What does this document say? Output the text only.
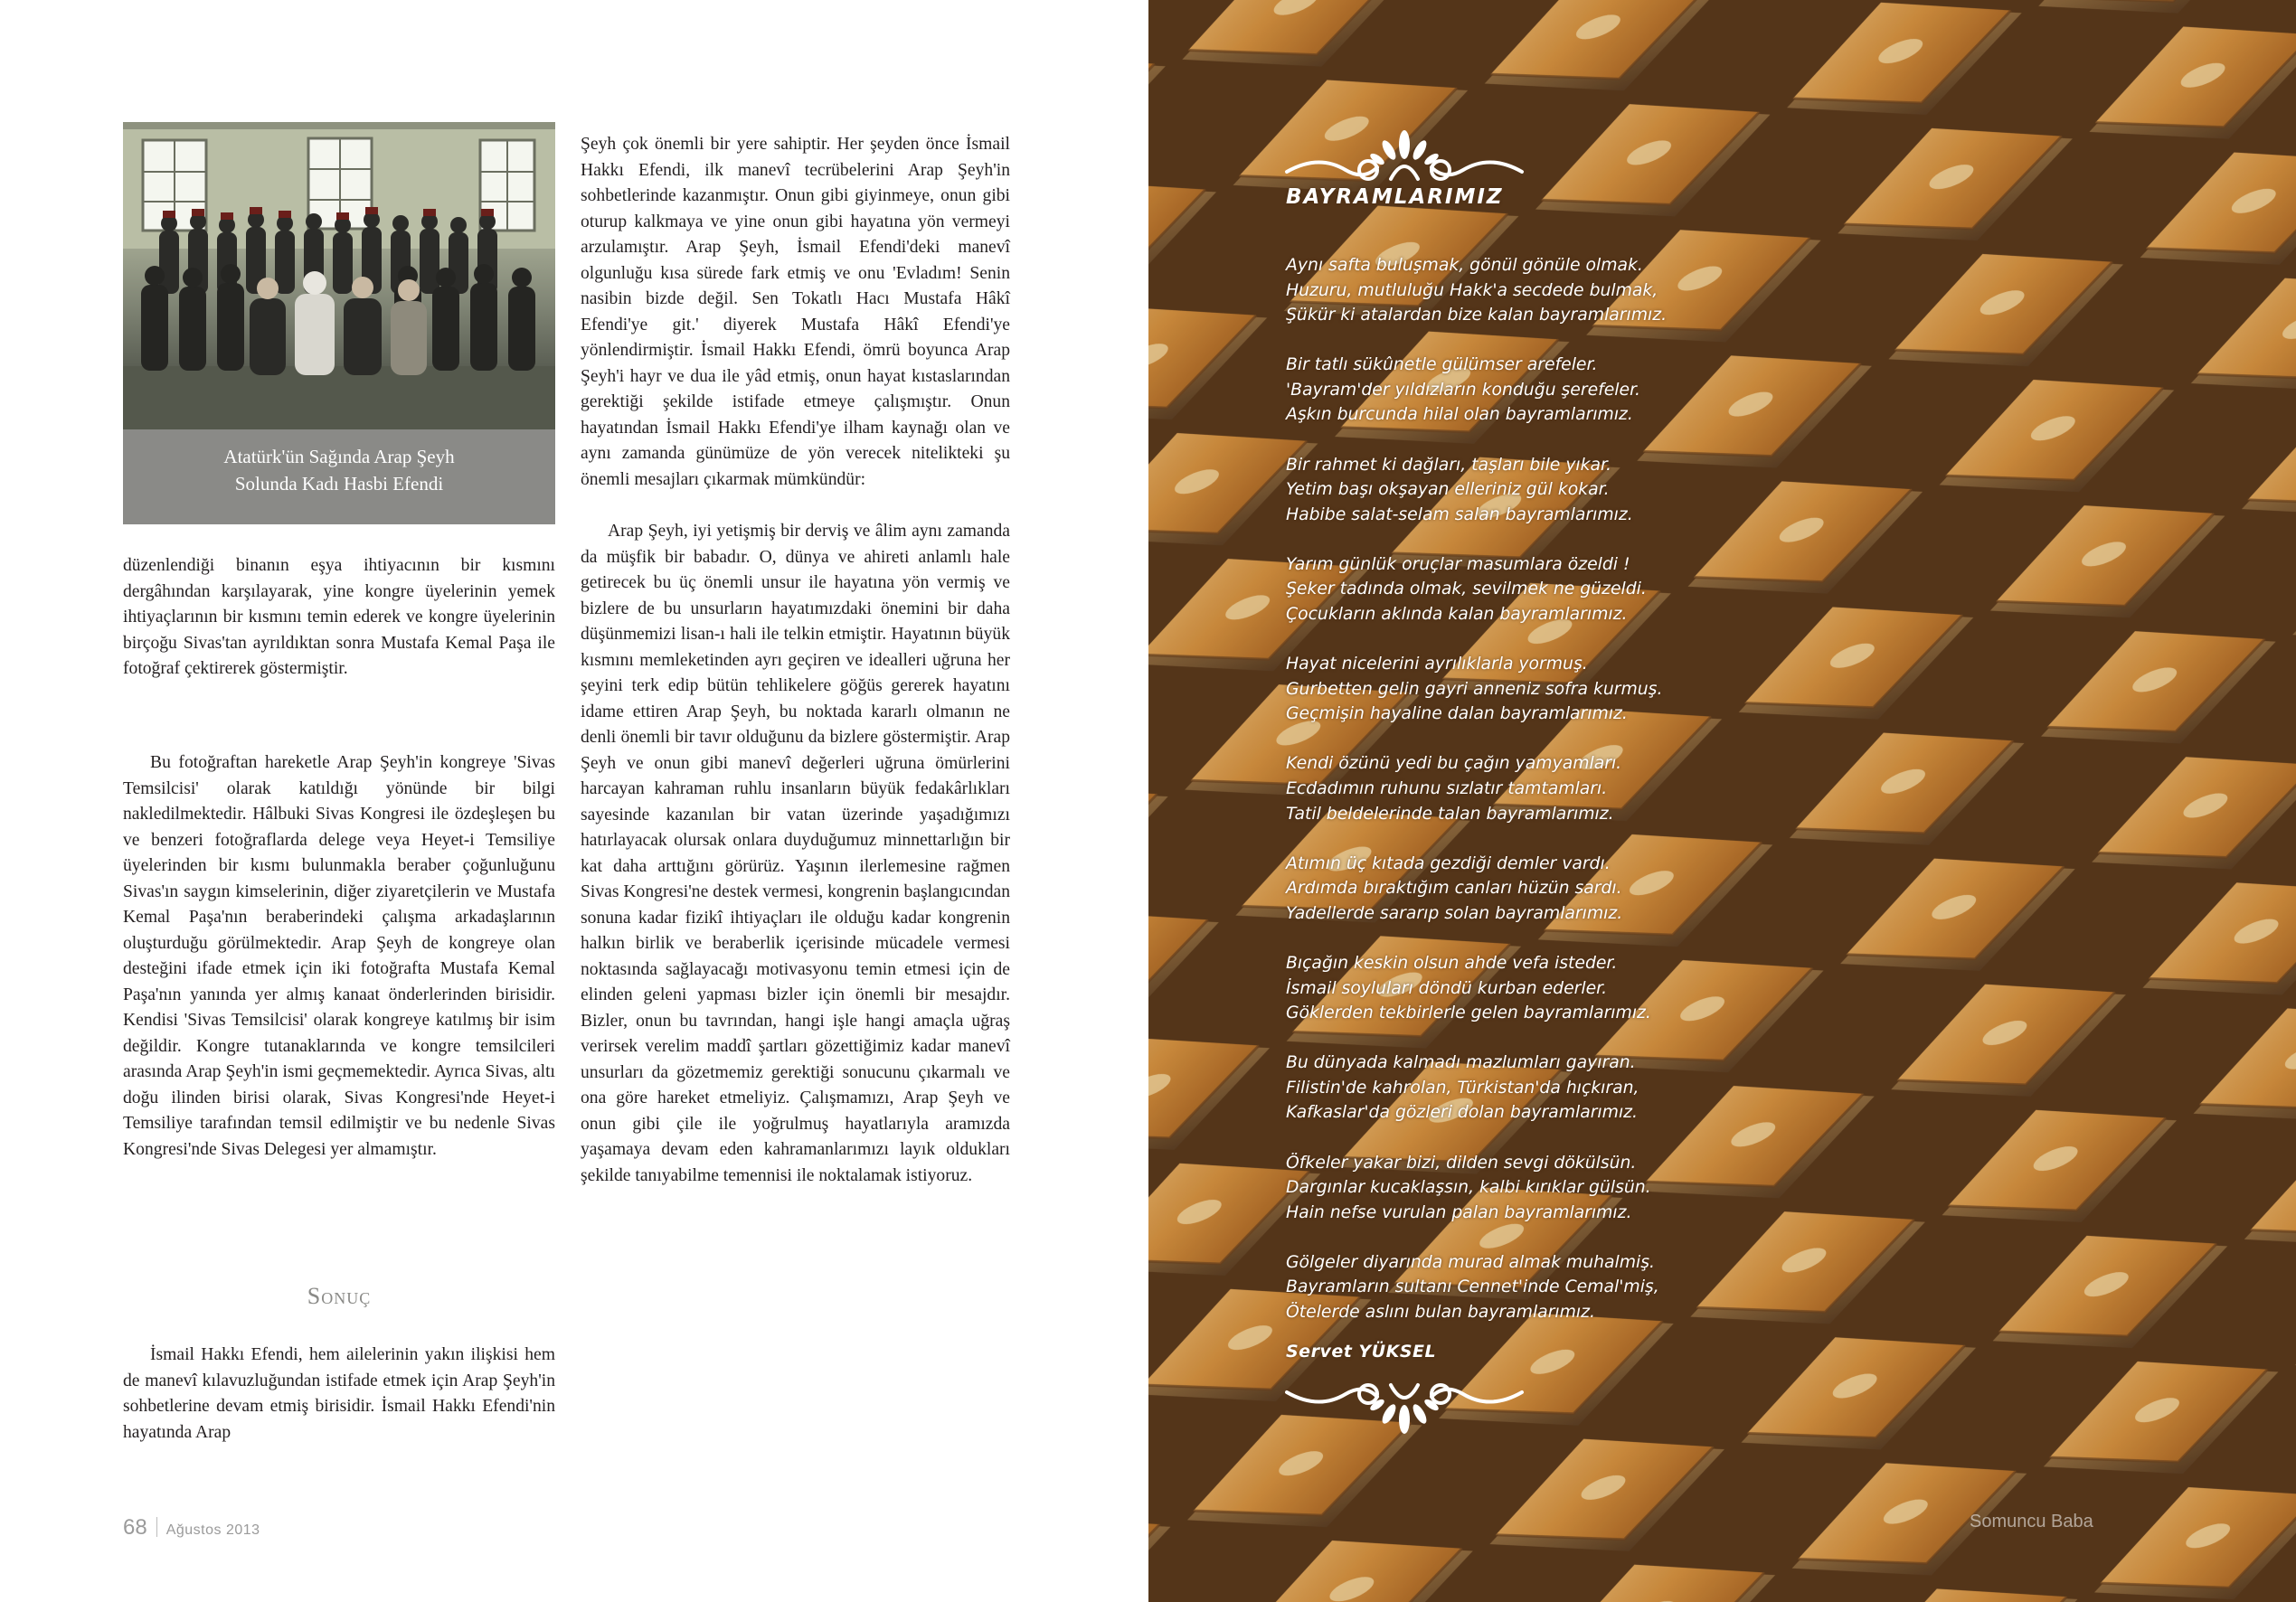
Atatürk'ün Sağında Arap Şeyh
Solunda Kadı Hasbi Efendi

düzenlendiği binanın eşya ihtiyacının bir kısmını dergâhından karşılayarak, yine kongre üyelerinin yemek ihtiyaçlarının bir kısmını temin ederek ve kongre üyelerinin birçoğu Sivas'tan ayrıldıktan sonra Mustafa Kemal Paşa ile fotoğraf çektirerek göstermiştir.

Bu fotoğraftan hareketle Arap Şeyh'in kongreye 'Sivas Temsilcisi' olarak katıldığı yönünde bir bilgi nakledilmektedir. Hâlbuki Sivas Kongresi ile özdeşleşen bu ve benzeri fotoğraflarda delege veya Heyet-i Temsiliye üyelerinden bir kısmı bulunmakla beraber çoğunluğunu Sivas'ın saygın kimselerinin, diğer ziyaretçilerin ve Mustafa Kemal Paşa'nın beraberindeki çalışma arkadaşlarının oluşturduğu görülmektedir. Arap Şeyh de kongreye olan desteğini ifade etmek için iki fotoğrafta Mustafa Kemal Paşa'nın yanında yer almış kanaat önderlerinden birisidir. Kendisi 'Sivas Temsilcisi' olarak kongreye katılmış bir isim değildir. Kongre tutanaklarında ve kongre temsilcileri arasında Arap Şeyh'in ismi geçmemektedir. Ayrıca Sivas, altı doğu ilinden birisi olarak, Sivas Kongresi'nde Heyet-i Temsiliye tarafından temsil edilmiştir ve bu nedenle Sivas Kongresi'nde Sivas Delegesi yer almamıştır.

Sonuç

İsmail Hakkı Efendi, hem ailelerinin yakın ilişkisi hem de manevî kılavuzluğundan istifade etmek için Arap Şeyh'in sohbetlerine devam etmiş birisidir. İsmail Hakkı Efendi'nin hayatında Arap

Şeyh çok önemli bir yere sahiptir. Her şeyden önce İsmail Hakkı Efendi, ilk manevî tecrübelerini Arap Şeyh'in sohbetlerinde kazanmıştır. Onun gibi giyinmeye, onun gibi oturup kalkmaya ve yine onun gibi hayatına yön vermeyi arzulamıştır. Arap Şeyh, İsmail Efendi'deki manevî olgunluğu kısa sürede fark etmiş ve onu 'Evladım! Senin nasibin bizde değil. Sen Tokatlı Hacı Mustafa Hâkî Efendi'ye git.' diyerek Mustafa Hâkî Efendi'ye yönlendirmiştir. İsmail Hakkı Efendi, ömrü boyunca Arap Şeyh'i hayr ve dua ile yâd etmiş, onun hayat kıstaslarından gerektiği şekilde istifade etmeye çalışmıştır. Onun hayatından İsmail Hakkı Efendi'ye ilham kaynağı olan ve aynı zamanda günümüze de yön verecek nitelikteki şu önemli mesajları çıkarmak mümkündür:

Arap Şeyh, iyi yetişmiş bir derviş ve âlim aynı zamanda da müşfik bir babadır. O, dünya ve ahireti anlamlı hale getirecek bu üç önemli unsur ile hayatına yön vermiş ve bizlere de bu unsurların hayatımızdaki önemini bir daha düşünmemizi lisan-ı hali ile telkin etmiştir. Hayatının büyük kısmını memleketinden ayrı geçiren ve idealleri uğruna her şeyini terk edip bütün tehlikelere göğüs gererek hayatını idame ettiren Arap Şeyh, bu noktada kararlı olmanın ne denli önemli bir tavır olduğunu da bizlere göstermiştir. Arap Şeyh ve onun gibi manevî değerleri uğruna ömürlerini harcayan kahraman ruhlu insanların büyük fedakârlıkları sayesinde kazanılan bir vatan üzerinde yaşadığımızı hatırlayacak olursak onlara duyduğumuz minnettarlığın bir kat daha arttığını görürüz. Yaşının ilerlemesine rağmen Sivas Kongresi'ne destek vermesi, kongrenin başlangıcından sonuna kadar fizikî ihtiyaçları ile olduğu kadar kongrenin halkın birlik ve beraberlik içerisinde mücadele vermesi noktasında sağlayacağı motivasyonu temin etmesi için de elinden geleni yapması bizler için önemli bir mesajdır. Bizler, onun bu tavrından, hangi işle hangi amaçla uğraş verirsek verelim maddî şartları gözettiğimiz kadar manevî unsurları da gözetmemiz gerektiği sonucunu çıkarmalı ve ona göre hareket etmeliyiz. Çalışmamızı, Arap Şeyh ve onun gibi çile ile yoğrulmuş hayatlarıyla aramızda yaşamaya devam eden kahramanlarımızı layık oldukları şekilde tanıyabilme temennisi ile noktalamak istiyoruz.

68 Ağustos 2013
BAYRAMLARIMIZ
Aynı safta buluşmak, gönül gönüle olmak.
Huzuru, mutluluğu Hakk'a secdede bulmak,
Şükür ki atalardan bize kalan bayramlarımız.
Bir tatlı sükûnetle gülümser arefeler.
'Bayram'der yıldızların konduğu şerefeler.
Aşkın burcunda hilal olan bayramlarımız.
Bir rahmet ki dağları, taşları bile yıkar.
Yetim başı okşayan elleriniz gül kokar.
Habibe salat-selam salan bayramlarımız.
Yarım günlük oruçlar masumlara özeldi !
Şeker tadında olmak, sevilmek ne güzeldi.
Çocukların aklında kalan bayramlarımız.
Hayat nicelerini ayrılıklarla yormuş.
Gurbetten gelin gayri anneniz sofra kurmuş.
Geçmişin hayaline dalan bayramlarımız.
Kendi özünü yedi bu çağın yamyamları.
Ecdadımın ruhunu sızlatır tamtamları.
Tatil beldelerinde talan bayramlarımız.
Atımın üç kıtada gezdiği demler vardı.
Ardımda bıraktığım canları hüzün sardı.
Yadellerde sararıp solan bayramlarımız.
Bıçağın keskin olsun ahde vefa isteder.
İsmail soyluları döndü kurban ederler.
Göklerden tekbirlerle gelen bayramlarımız.
Bu dünyada kalmadı mazlumları gayıran.
Filistin'de kahrolan, Türkistan'da hıçkıran,
Kafkaslar'da gözleri dolan bayramlarımız.
Öfkeler yakar bizi, dilden sevgi dökülsün.
Dargınlar kucaklaşsın, kalbi kırıklar gülsün.
Hain nefse vurulan palan bayramlarımız.
Gölgeler diyarında murad almak muhalmiş.
Bayramların sultanı Cennet'inde Cemal'miş,
Ötelerde aslını bulan bayramlarımız.
Servet YÜKSEL
Somuncu Baba
